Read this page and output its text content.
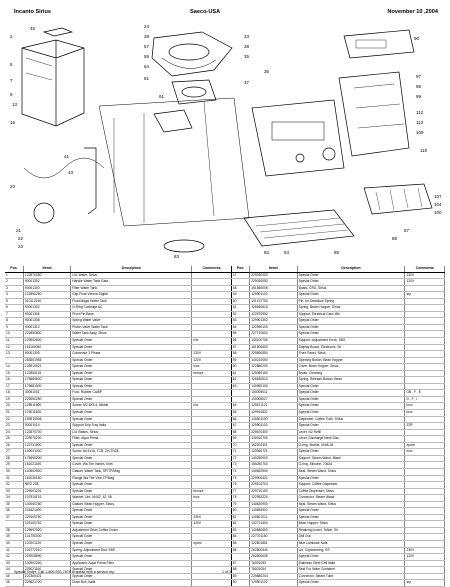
Incanto Sirius	Saeco-USA	November 10 ,2004
45
2
5
7
9
13
16
20
21
22
23
24
28
57
55
64
81
61
33
38
35
36
37
90
97
98
99
112
113
109
110
107
104
100
87
88
82	84	85
83
41
43
Pos.	Item#	Description	Comments	Pos.	Item#	Description	Comments
1	122870050	Lid, Water, Sirius		47	229030000	Special Order	230V
2	90001302	Handle Water Tank Gaia			229030052	Special Order	120V
3	90001300	Filter Water Tank		48	161560006	Board, CPU, Sirius	
4	122850250	Cap Float Vienna Digital		49	129901102	Special Order	srp
5	010112150	Float Magic Water Tank		50	101472750	Pin, for Deadlock Spring	
6	90001302	O-Ring Cartridge AC		51	126630615	Spring, Beam Hopper, Sirius	
7	90001306	Pivot Pin Base		52	122970952	Support, Electrical Card, Blk	
8	90001308	Spring Water Valve		53	129901302	Special Order	
9	90001310	Piston Valve Water Tank		54	122990100	Special Order	
10	222850800	Water Tank Assy, Sirius		55	227710600	Special Order	
11	129902600	Special Order	n/a	56	140100706	Support, Adjustment Knob, SBS	
12	161160050	Special Order		57	161500600	Display Board, Electronic, Sir	
13	90001309	Connector 2 Phase	230V	58	229890550	Front Panel, Sirius	
	283501955	Special Order	120V	59	140210050	Opening Button, Bean Hopper	
14	128910521	Special Order	inox	60	122880200	Cover, Bean Hopper, Sirius	
15	122850115	Special Order	bronze	61	125080160	Brush, Cleaning	
16	175680600	Special Order		62	126630510	Spring, Release Button, Bean	
17	175681500	Special Order		63	140990100	Special Order	
18	40051001	Foot, Rubber Ca/BP			100005011	Special Order	GB , F , E
19	229050250	Special Order			100005027	Special Order	D , F , I
20	128911500	Screw, M2.5X9.4, Nibble	n/a	64	125671121	Special Order	inox
21	176011500	Special Order		65	129910821	Special Order	inox
22	169910006	Special Order		66	140501100	Dispenser, Coffee Tube, Sirius	
23	90001014	Support Drip Tray Italia		67	129901102	Special Order	ZSP
24	122870700	Lid, Beans, Sirius		68	229670300	Lever, N2 Refill	
25	229070200	Filter, Aqua Prima		69	140010700	Lever, Discharge Neck Disc	
26	122731500	Special Order		70	162202401	O-ring, Mobile, 0048-28	epdm
27	140041000	Screw, 8d.1x16, TCB, Zin TN28		71	129950721	Special Order	inox
28	175690200	Special Order		72	140250000	Support, Steam Wand, Black	
29	161021150	Cover, Wa Tire Valves, Inlet		73	165250700	O-ring, Silicone, 70634	
30	140502500	Gasket, Water Tank, SP/TP/Mag		74	140620900	Seal, Steam Wand, Sirius	
31	161030150	Flange Wa Tire Vive TP/Mag		75	229900421	Special Order	
32	NEO 238	Special Order		76	229104704	Support, Coffee Dispenser	
33	229001231	Special Order	bronze	77	229710150	Coffee Dispenser, Sirius	
34	107510101	Washer, Unt. M4X2, 42, 08	inox	78	122992220	Connector, Steam Wand	
35	140050780	Gasket, Bean Hopper, Sirius		79	140620900	Seal, Steam Wand, Sirius	
36	141621000	Special Order		80	140654902	Special Order	
37	229100750	Special Order	230V	81	140801211	Special Order	
	229100752	Special Order	120V	82	142714400	Bean Hopper, Sirius	
38	125697320	Adjustment Gear, Coffee Doser		83	140680600	Retaining Insert, Teflon, Sir	
39	141750000	Special Order		84	227701150	Drill Out	
40	120201120	Special Order	epdm	85	122801851	Blue Laminate Nuts	
41	126772010	Spring, Adjustment Dial, SBS		86	262800540	Lid, Cupwarming, SS	230V
42	229208890	Special Order			262800608	Special Order	120V
43	140902250	Applicator, Aqua Prima Filter		87	76001053	Stainless Steel Grill Italia	
44	229021160	Special Order		88	76001054	Seal For Valve Container	
45	222360421	Special Order		89	229880204	Connector, Steam Tube	
46	229621700	Dose Box, Italia		90	129901102	Special Order	srp
Special Order: Call 1-800-933-7876 to speak with a service rep.	1 of 3
